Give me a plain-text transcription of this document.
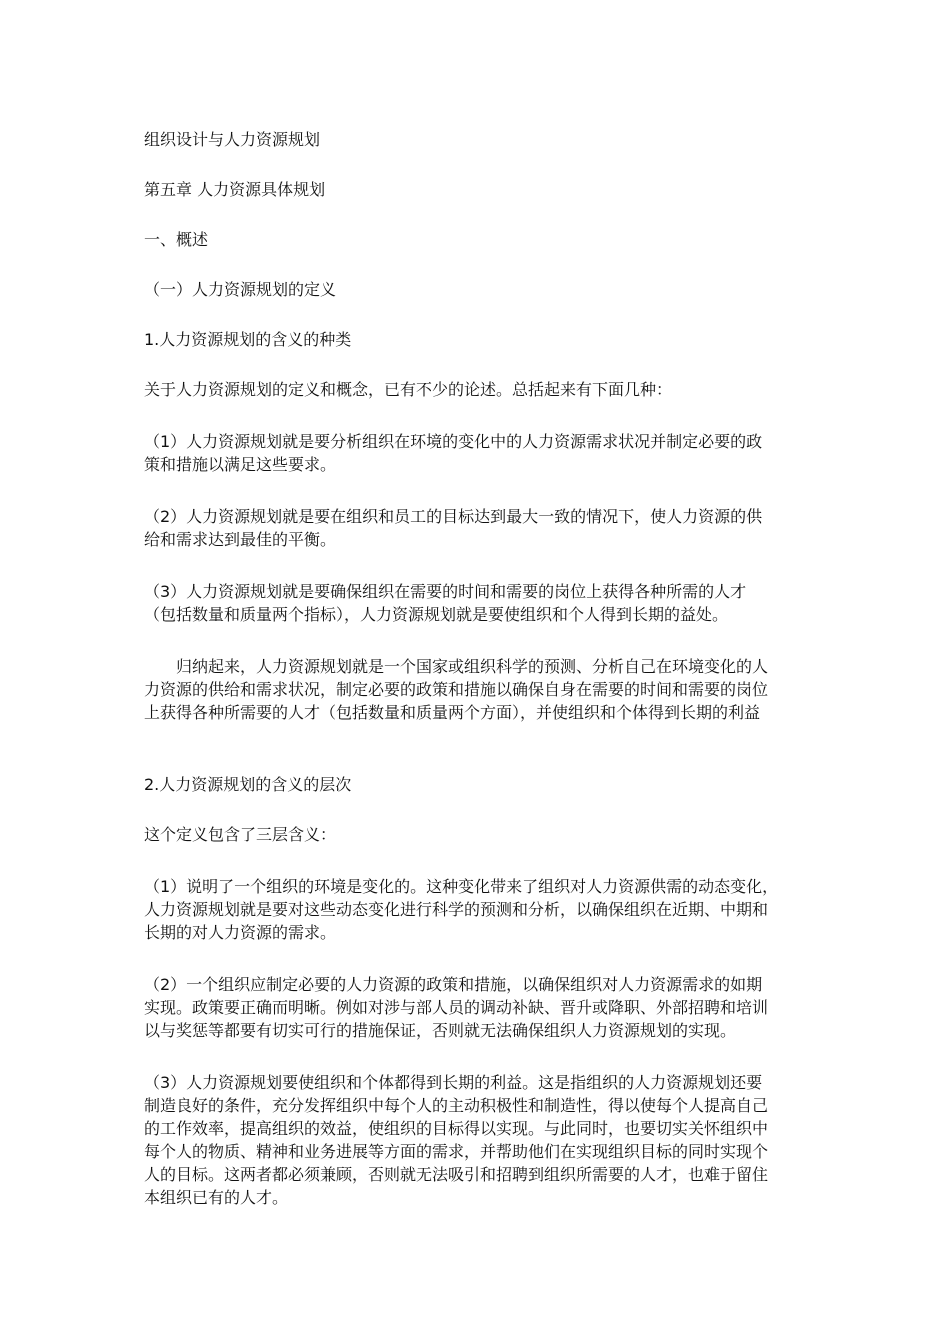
组织设计与人力资源规划

第五章 人力资源具体规划

一、概述

（一）人力资源规划的定义

1.人力资源规划的含义的种类

关于人力资源规划的定义和概念，已有不少的论述。总括起来有下面几种：

（1）人力资源规划就是要分析组织在环境的变化中的人力资源需求状况并制定必要的政
策和措施以满足这些要求。
（2）人力资源规划就是要在组织和员工的目标达到最大一致的情况下，使人力资源的供
给和需求达到最佳的平衡。
（3）人力资源规划就是要确保组织在需要的时间和需要的岗位上获得各种所需的人才
（包括数量和质量两个指标），人力资源规划就是要使组织和个人得到长期的益处。
　　归纳起来，人力资源规划就是一个国家或组织科学的预测、分析自己在环境变化的人
力资源的供给和需求状况，制定必要的政策和措施以确保自身在需要的时间和需要的岗位
上获得各种所需要的人才（包括数量和质量两个方面），并使组织和个体得到长期的利益

2.人力资源规划的含义的层次

这个定义包含了三层含义：

（1）说明了一个组织的环境是变化的。这种变化带来了组织对人力资源供需的动态变化，
人力资源规划就是要对这些动态变化进行科学的预测和分析，以确保组织在近期、中期和
长期的对人力资源的需求。
（2）一个组织应制定必要的人力资源的政策和措施，以确保组织对人力资源需求的如期
实现。政策要正确而明晰。例如对涉与部人员的调动补缺、晋升或降职、外部招聘和培训
以与奖惩等都要有切实可行的措施保证，否则就无法确保组织人力资源规划的实现。
（3）人力资源规划要使组织和个体都得到长期的利益。这是指组织的人力资源规划还要
制造良好的条件，充分发挥组织中每个人的主动积极性和制造性，得以使每个人提高自己
的工作效率，提高组织的效益，使组织的目标得以实现。与此同时，也要切实关怀组织中
每个人的物质、精神和业务进展等方面的需求，并帮助他们在实现组织目标的同时实现个
人的目标。这两者都必须兼顾，否则就无法吸引和招聘到组织所需要的人才，也难于留住
本组织已有的人才。
